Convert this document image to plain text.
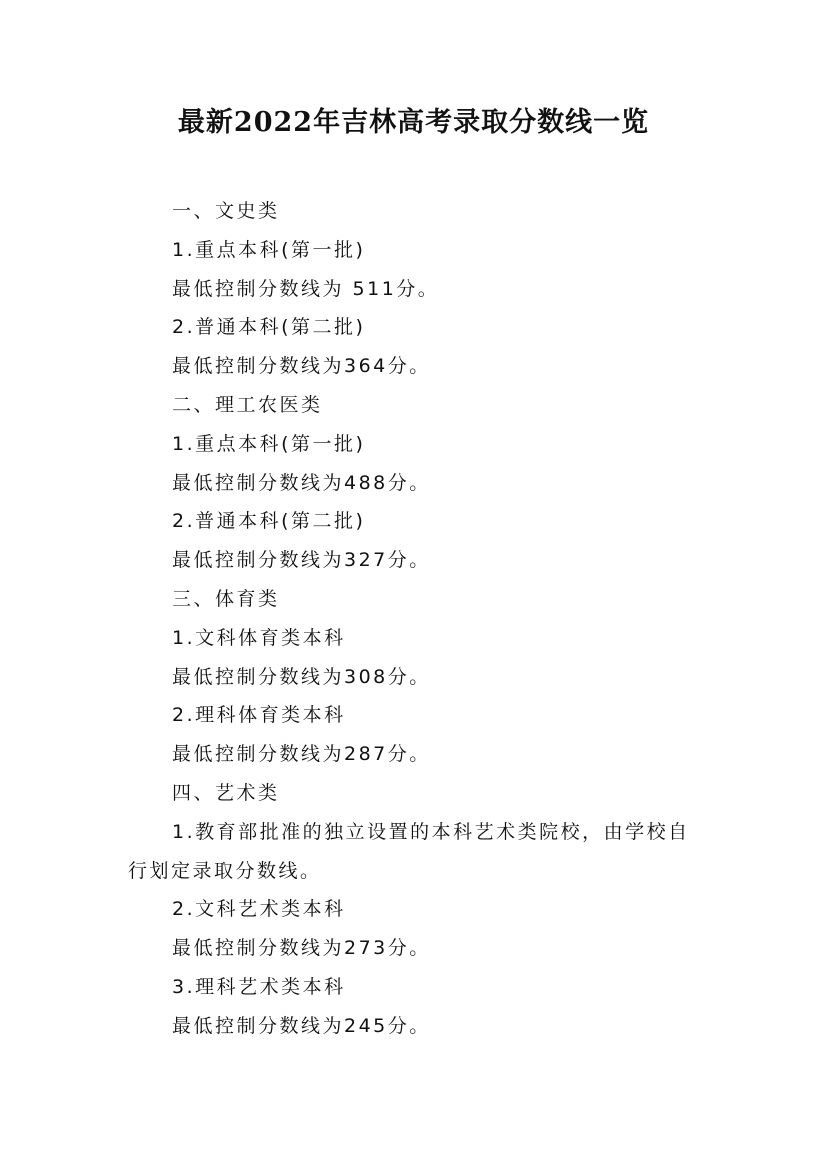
最新2022年吉林高考录取分数线一览

一、文史类

1.重点本科(第一批)

最低控制分数线为 511分。

2.普通本科(第二批)

最低控制分数线为364分。

二、理工农医类

1.重点本科(第一批)

最低控制分数线为488分。

2.普通本科(第二批)

最低控制分数线为327分。

三、体育类

1.文科体育类本科

最低控制分数线为308分。

2.理科体育类本科

最低控制分数线为287分。

四、艺术类

1.教育部批准的独立设置的本科艺术类院校，由学校自行划定录取分数线。

2.文科艺术类本科

最低控制分数线为273分。

3.理科艺术类本科

最低控制分数线为245分。
